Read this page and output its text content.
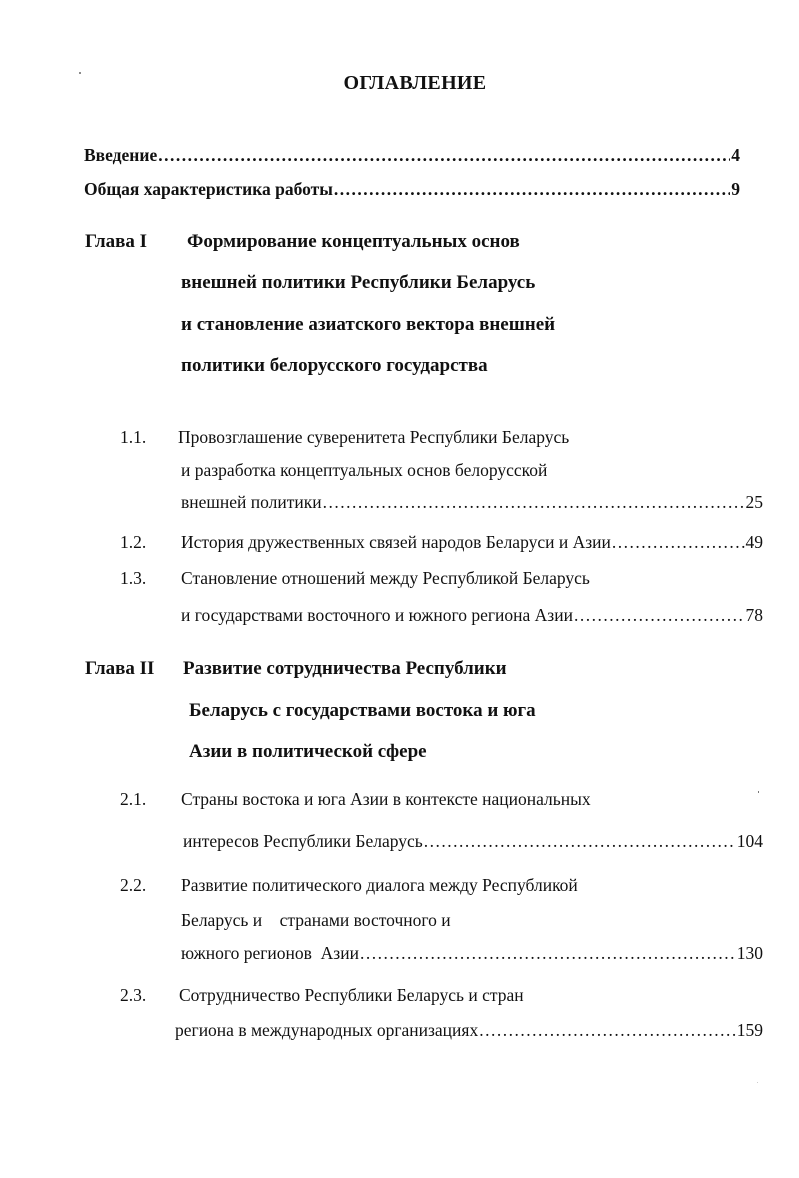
ОГЛАВЛЕНИЕ
Введение .....	4
Общая характеристика работы .....	9
Глава I Формирование концептуальных основ
внешней политики Республики Беларусь
и становление азиатского вектора внешней
политики белорусского государства
1.1. Провозглашение суверенитета Республики Беларусь
и разработка концептуальных основ белорусской
внешней политики .....	25
1.2. История дружественных связей народов Беларуси и Азии .....	49
1.3. Становление отношений между Республикой Беларусь
и государствами восточного и южного региона Азии .....	78
Глава II Развитие сотрудничества Республики
Беларусь с государствами востока и юга
Азии в политической сфере
2.1. Страны востока и юга Азии в контексте национальных
интересов Республики Беларусь .....	104
2.2. Развитие политического диалога между Республикой
Беларусь и    странами восточного и
южного регионов  Азии .....	130
2.3. Сотрудничество Республики Беларусь и стран
региона в международных организациях .....	159
